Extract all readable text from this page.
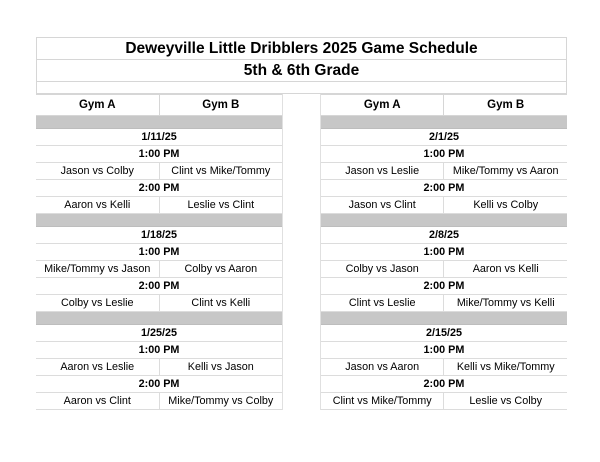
Deweyville Little Dribblers 2025 Game Schedule
5th & 6th Grade
Gym A	Gym B
1/11/25
1:00 PM
Jason vs Colby	Clint vs Mike/Tommy
2:00 PM
Aaron vs Kelli	Leslie vs Clint
1/18/25
1:00 PM
Mike/Tommy vs Jason	Colby vs Aaron
2:00 PM
Colby vs Leslie	Clint vs Kelli
1/25/25
1:00 PM
Aaron vs Leslie	Kelli vs Jason
2:00 PM
Aaron vs Clint	Mike/Tommy vs Colby
Gym A	Gym B
2/1/25
1:00 PM
Jason vs Leslie	Mike/Tommy vs Aaron
2:00 PM
Jason vs Clint	Kelli vs Colby
2/8/25
1:00 PM
Colby vs Jason	Aaron vs Kelli
2:00 PM
Clint vs Leslie	Mike/Tommy vs Kelli
2/15/25
1:00 PM
Jason vs Aaron	Kelli vs Mike/Tommy
2:00 PM
Clint vs Mike/Tommy	Leslie vs Colby
